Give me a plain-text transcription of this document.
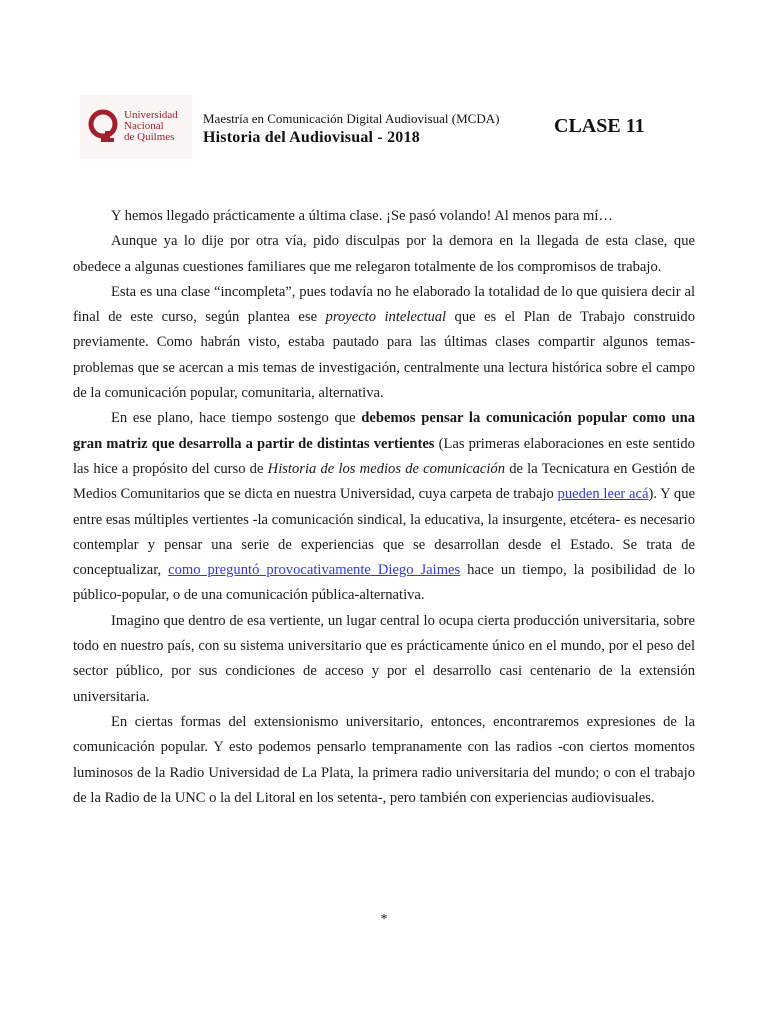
Universidad
Nacional
de Quilmes
Maestría en Comunicación Digital Audiovisual (MCDA)
Historia del Audiovisual - 2018
CLASE 11

Y hemos llegado prácticamente a última clase. ¡Se pasó volando! Al menos para mí…

Aunque ya lo dije por otra vía, pido disculpas por la demora en la llegada de esta clase, que obedece a algunas cuestiones familiares que me relegaron totalmente de los compromisos de trabajo.

Esta es una clase “incompleta”, pues todavía no he elaborado la totalidad de lo que quisiera decir al final de este curso, según plantea ese proyecto intelectual que es el Plan de Trabajo construido previamente. Como habrán visto, estaba pautado para las últimas clases compartir algunos temas-problemas que se acercan a mis temas de investigación, centralmente una lectura histórica sobre el campo de la comunicación popular, comunitaria, alternativa.

En ese plano, hace tiempo sostengo que debemos pensar la comunicación popular como una gran matriz que desarrolla a partir de distintas vertientes (Las primeras elaboraciones en este sentido las hice a propósito del curso de Historia de los medios de comunicación de la Tecnicatura en Gestión de Medios Comunitarios que se dicta en nuestra Universidad, cuya carpeta de trabajo pueden leer acá). Y que entre esas múltiples vertientes -la comunicación sindical, la educativa, la insurgente, etcétera- es necesario contemplar y pensar una serie de experiencias que se desarrollan desde el Estado. Se trata de conceptualizar, como preguntó provocativamente Diego Jaimes hace un tiempo, la posibilidad de lo público-popular, o de una comunicación pública-alternativa.

Imagino que dentro de esa vertiente, un lugar central lo ocupa cierta producción universitaria, sobre todo en nuestro país, con su sistema universitario que es prácticamente único en el mundo, por el peso del sector público, por sus condiciones de acceso y por el desarrollo casi centenario de la extensión universitaria.

En ciertas formas del extensionismo universitario, entonces, encontraremos expresiones de la comunicación popular. Y esto podemos pensarlo tempranamente con las radios -con ciertos momentos luminosos de la Radio Universidad de La Plata, la primera radio universitaria del mundo; o con el trabajo de la Radio de la UNC o la del Litoral en los setenta-, pero también con experiencias audiovisuales.

*
